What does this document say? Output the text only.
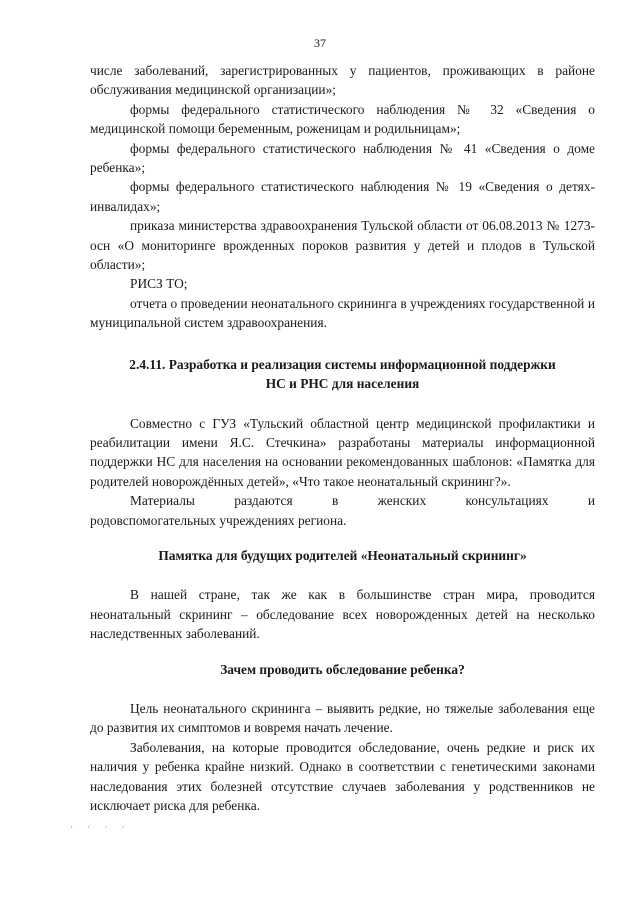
37

числе заболеваний, зарегистрированных у пациентов, проживающих в районе обслуживания медицинской организации»;

формы федерального статистического наблюдения № 32 «Сведения о медицинской помощи беременным, роженицам и родильницам»;

формы федерального статистического наблюдения № 41 «Сведения о доме ребенка»;

формы федерального статистического наблюдения № 19 «Сведения о детях-инвалидах»;

приказа министерства здравоохранения Тульской области от 06.08.2013 № 1273-осн «О мониторинге врожденных пороков развития у детей и плодов в Тульской области»;

РИСЗ ТО;

отчета о проведении неонатального скрининга в учреждениях государственной и муниципальной систем здравоохранения.

2.4.11. Разработка и реализация системы информационной поддержки
НС и РНС для населения

Совместно с ГУЗ «Тульский областной центр медицинской профилактики и реабилитации имени Я.С. Стечкина» разработаны материалы информационной поддержки НС для населения на основании рекомендованных шаблонов: «Памятка для родителей новорождённых детей», «Что такое неонатальный скрининг?».

Материалы раздаются в женских консультациях и
родовспомогательных учреждениях региона.

Памятка для будущих родителей «Неонатальный скрининг»

В нашей стране, так же как в большинстве стран мира, проводится неонатальный скрининг – обследование всех новорожденных детей на несколько наследственных заболеваний.

Зачем проводить обследование ребенка?

Цель неонатального скрининга – выявить редкие, но тяжелые заболевания еще до развития их симптомов и вовремя начать лечение.

Заболевания, на которые проводится обследование, очень редкие и риск их наличия у ребенка крайне низкий. Однако в соответствии с генетическими законами наследования этих болезней отсутствие случаев заболевания у родственников не исключает риска для ребенка.

· · · ·
